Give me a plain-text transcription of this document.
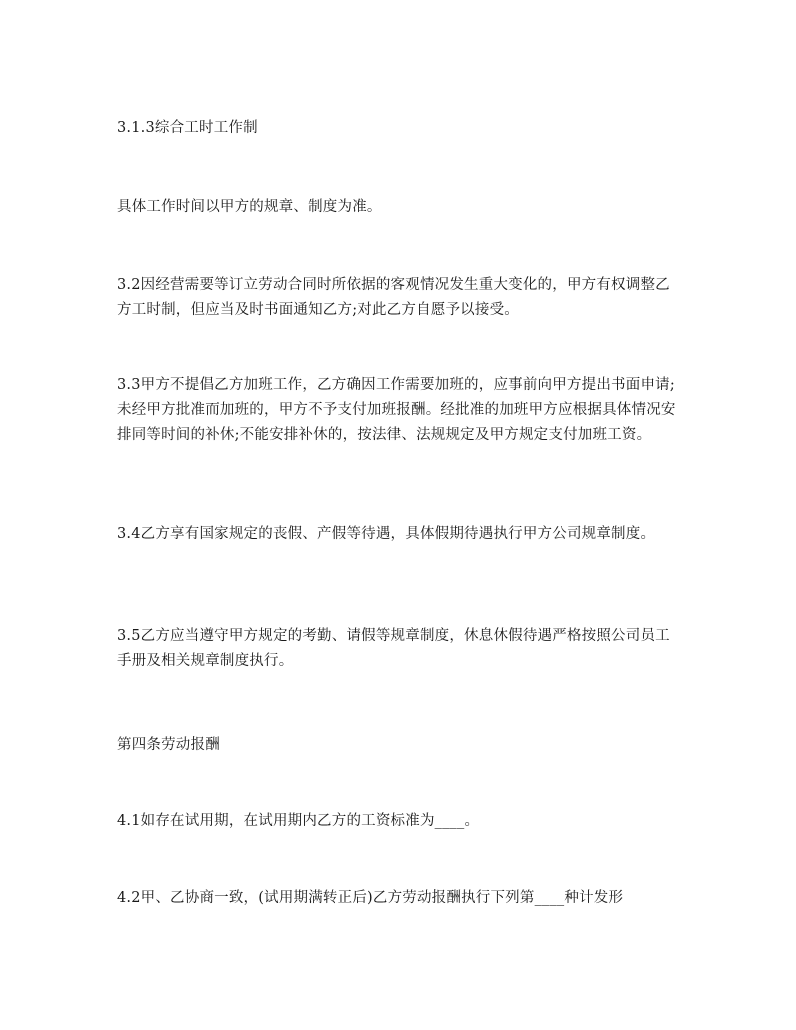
3.1.3综合工时工作制

具体工作时间以甲方的规章、制度为准。

3.2因经营需要等订立劳动合同时所依据的客观情况发生重大变化的，甲方有权调整乙方工时制，但应当及时书面通知乙方;对此乙方自愿予以接受。

3.3甲方不提倡乙方加班工作，乙方确因工作需要加班的，应事前向甲方提出书面申请;未经甲方批准而加班的，甲方不予支付加班报酬。经批准的加班甲方应根据具体情况安排同等时间的补休;不能安排补休的，按法律、法规规定及甲方规定支付加班工资。

3.4乙方享有国家规定的丧假、产假等待遇，具体假期待遇执行甲方公司规章制度。

3.5乙方应当遵守甲方规定的考勤、请假等规章制度，休息休假待遇严格按照公司员工手册及相关规章制度执行。

第四条劳动报酬

4.1如存在试用期，在试用期内乙方的工资标准为____。

4.2甲、乙协商一致，(试用期满转正后)乙方劳动报酬执行下列第____种计发形
